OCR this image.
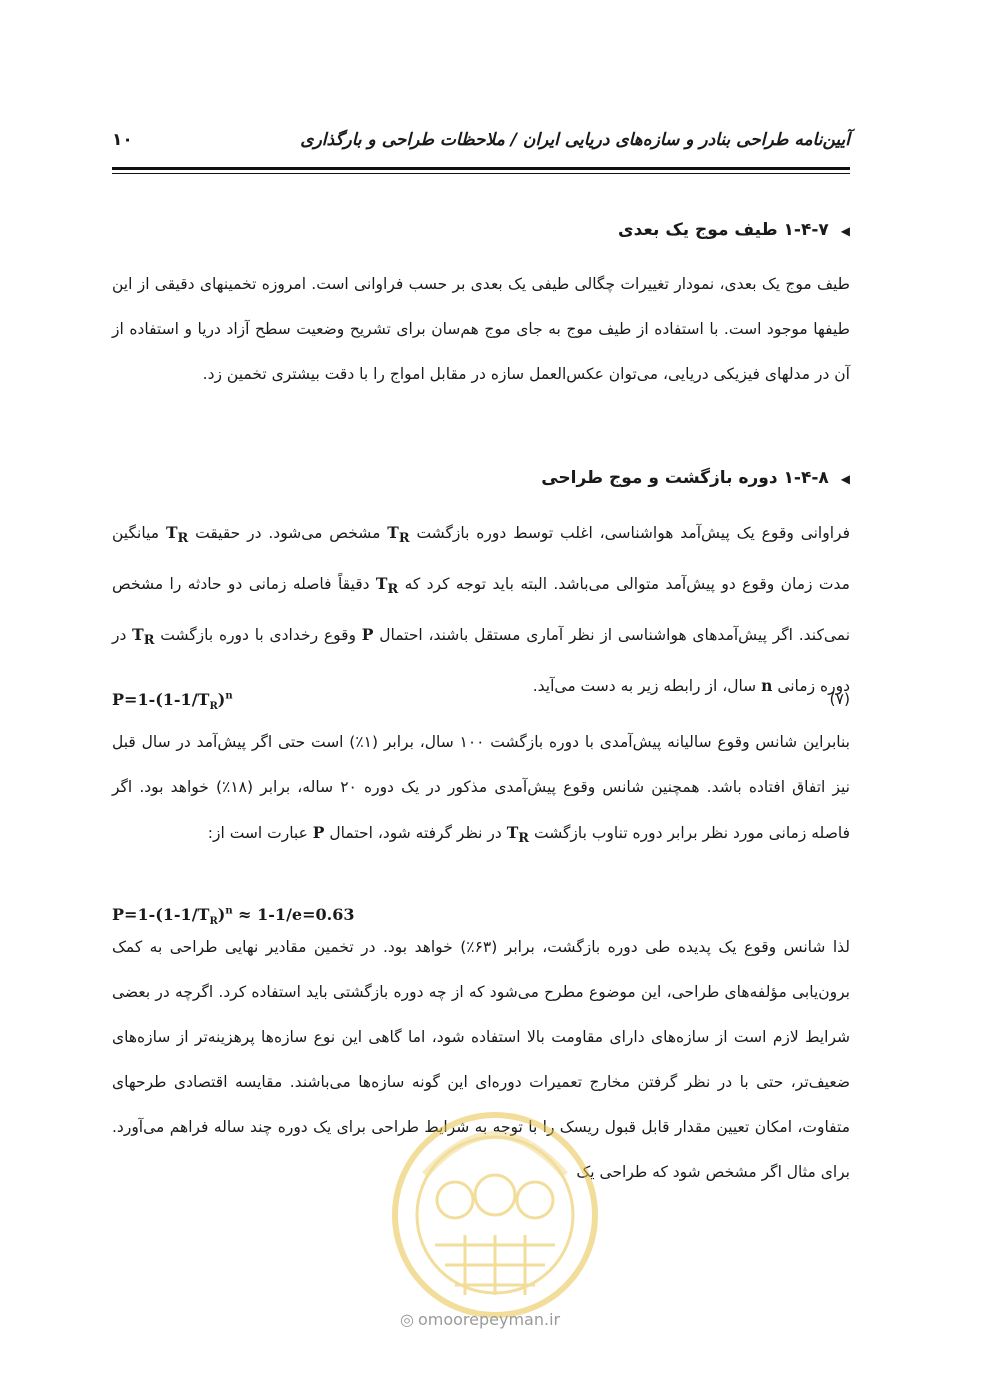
آیین‌نامه طراحی بنادر و سازه‌های دریایی ایران / ملاحظات طراحی و بارگذاری
۱۰
◀۱-۴-۷ طیف موج یک بعدی

طیف موج یک بعدی، نمودار تغییرات چگالی طیفی یک بعدی بر حسب فراوانی است. امروزه تخمینهای دقیقی از این طیفها موجود است. با استفاده از طیف موج به جای موج هم‌سان برای تشریح وضعیت سطح آزاد دریا و استفاده از آن در مدلهای فیزیکی دریایی، می‌توان عکس‌العمل سازه در مقابل امواج را با دقت بیشتری تخمین زد.

◀۱-۴-۸ دوره بازگشت و موج طراحی

فراوانی وقوع یک پیش‌آمد هواشناسی، اغلب توسط دوره بازگشت $T_R$ مشخص می‌شود. در حقیقت $T_R$ میانگین مدت زمان وقوع دو پیش‌آمد متوالی می‌باشد. البته باید توجه کرد که $T_R$ دقیقاً فاصله زمانی دو حادثه را مشخص نمی‌کند. اگر پیش‌آمدهای هواشناسی از نظر آماری مستقل باشند، احتمال P وقوع رخدادی با دوره بازگشت $T_R$ در دوره زمانی n سال، از رابطه زیر به دست می‌آید.

$P=1-(1-1/T_R)^n$	(۷)

بنابراین شانس وقوع سالیانه پیش‌آمدی با دوره بازگشت ۱۰۰ سال، برابر (۱٪) است حتی اگر پیش‌آمد در سال قبل نیز اتفاق افتاده باشد. همچنین شانس وقوع پیش‌آمدی مذکور در یک دوره ۲۰ ساله، برابر (۱۸٪) خواهد بود. اگر فاصله زمانی مورد نظر برابر دوره تناوب بازگشت $T_R$ در نظر گرفته شود، احتمال P عبارت است از:

$P=1-(1-1/T_R)^n \approx 1-1/e=0.63$

لذا شانس وقوع یک پدیده طی دوره بازگشت، برابر (۶۳٪) خواهد بود. در تخمین مقادیر نهایی طراحی به کمک برون‌یابی مؤلفه‌های طراحی، این موضوع مطرح می‌شود که از چه دوره بازگشتی باید استفاده کرد. اگرچه در بعضی شرایط لازم است از سازه‌های دارای مقاومت بالا استفاده شود، اما گاهی این نوع سازه‌ها پرهزینه‌تر از سازه‌های ضعیف‌تر، حتی با در نظر گرفتن مخارج تعمیرات دوره‌ای این گونه سازه‌ها می‌باشند. مقایسه اقتصادی طرحهای متفاوت، امکان تعیین مقدار قابل قبول ریسک را با توجه به شرایط طراحی برای یک دوره چند ساله فراهم می‌آورد. برای مثال اگر مشخص شود که طراحی یک

◎ omoorepeyman.ir
